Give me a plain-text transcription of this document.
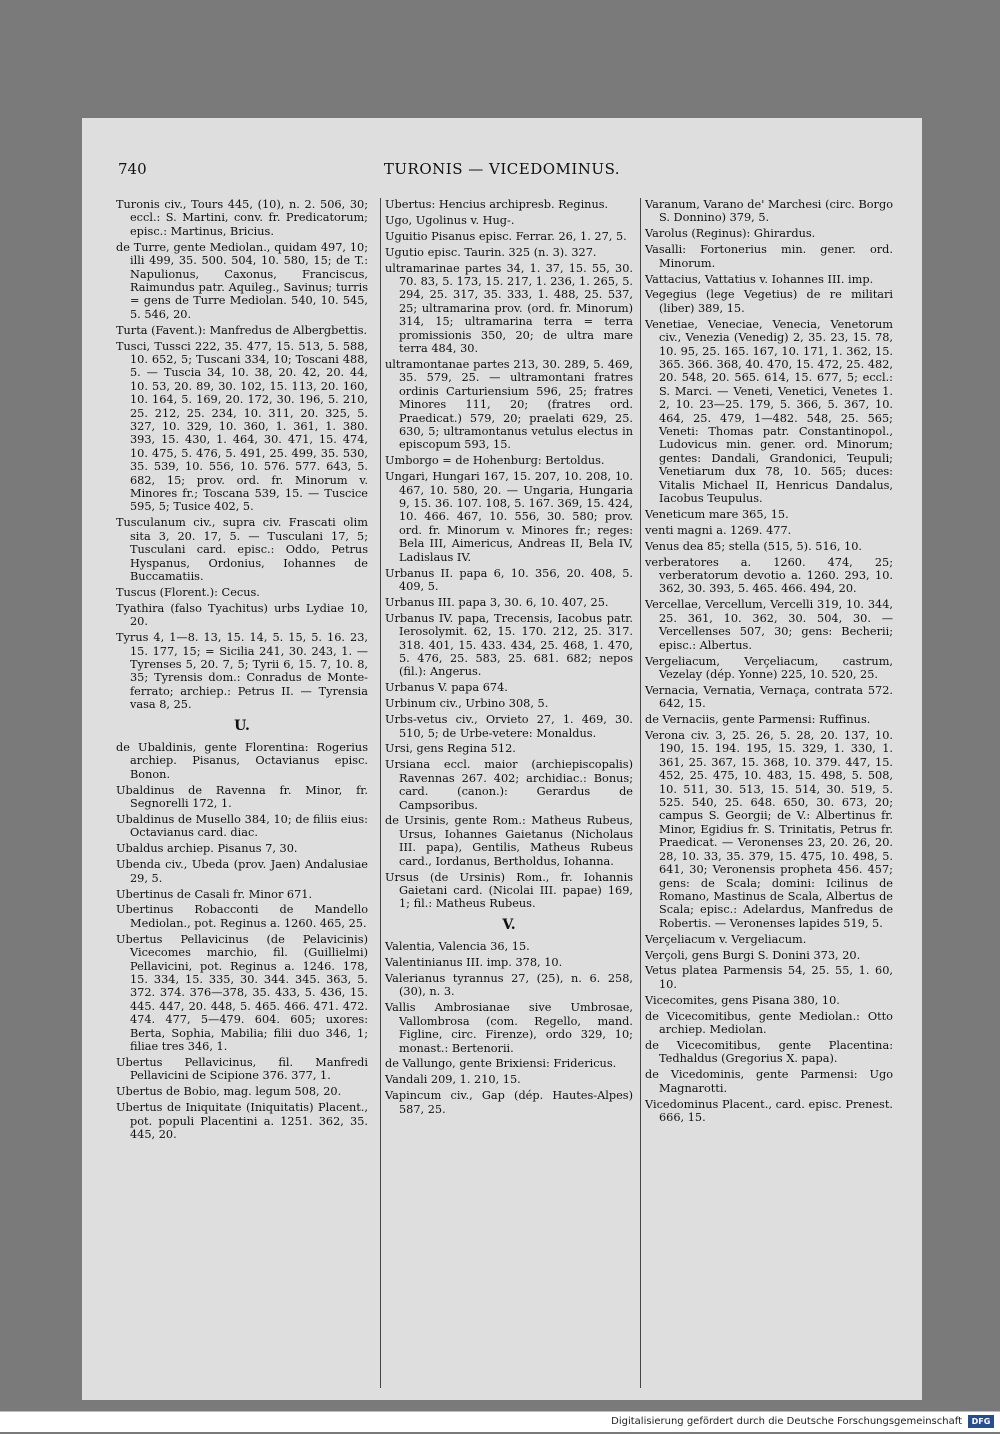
740	TURONIS — VICEDOMINUS.
Turonis civ., Tours 445, (10), n. 2. 506, 30; eccl.: S. Martini, conv. fr. Predicatorum; episc.: Martinus, Bricius.
de Turre, gente Mediolan., quidam 497, 10; illi 499, 35. 500. 504, 10. 580, 15; de T.: Napulionus, Caxonus, Franciscus, Raimundus patr. Aquileg., Savinus; turris = gens de Turre Mediolan. 540, 10. 545, 5. 546, 20.
Turta (Favent.): Manfredus de Albergbettis.
Tusci, Tussci 222, 35. 477, 15. 513, 5. 588, 10. 652, 5; Tuscani 334, 10; Toscani 488, 5. — Tuscia 34, 10. 38, 20. 42, 20. 44, 10. 53, 20. 89, 30. 102, 15. 113, 20. 160, 10. 164, 5. 169, 20. 172, 30. 196, 5. 210, 25. 212, 25. 234, 10. 311, 20. 325, 5. 327, 10. 329, 10. 360, 1. 361, 1. 380. 393, 15. 430, 1. 464, 30. 471, 15. 474, 10. 475, 5. 476, 5. 491, 25. 499, 35. 530, 35. 539, 10. 556, 10. 576. 577. 643, 5. 682, 15; prov. ord. fr. Minorum v. Minores fr.; Toscana 539, 15. — Tuscice 595, 5; Tusice 402, 5.
Tusculanum civ., supra civ. Frascati olim sita 3, 20. 17, 5. — Tusculani 17, 5; Tusculani card. episc.: Oddo, Petrus Hyspanus, Ordonius, Iohannes de Buccamatiis.
Tuscus (Florent.): Cecus.
Tyathira (falso Tyachitus) urbs Lydiae 10, 20.
Tyrus 4, 1—8. 13, 15. 14, 5. 15, 5. 16. 23, 15. 177, 15; = Sicilia 241, 30. 243, 1. — Tyrenses 5, 20. 7, 5; Tyrii 6, 15. 7, 10. 8, 35; Tyrensis dom.: Conradus de Monte-ferrato; archiep.: Petrus II. — Tyrensia vasa 8, 25.
U.
de Ubaldinis, gente Florentina: Rogerius archiep. Pisanus, Octavianus episc. Bonon.
Ubaldinus de Ravenna fr. Minor, fr. Segnorelli 172, 1.
Ubaldinus de Musello 384, 10; de filiis eius: Octavianus card. diac.
Ubaldus archiep. Pisanus 7, 30.
Ubenda civ., Ubeda (prov. Jaen) Andalusiae 29, 5.
Ubertinus de Casali fr. Minor 671.
Ubertinus Robacconti de Mandello Mediolan., pot. Reginus a. 1260. 465, 25.
Ubertus Pellavicinus (de Pelavicinis) Vicecomes marchio, fil. (Guillielmi) Pellavicini, pot. Reginus a. 1246. 178, 15. 334, 15. 335, 30. 344. 345. 363, 5. 372. 374. 376—378, 35. 433, 5. 436, 15. 445. 447, 20. 448, 5. 465. 466. 471. 472. 474. 477, 5—479. 604. 605; uxores: Berta, Sophia, Mabilia; filii duo 346, 1; filiae tres 346, 1.
Ubertus Pellavicinus, fil. Manfredi Pellavicini de Scipione 376. 377, 1.
Ubertus de Bobio, mag. legum 508, 20.
Ubertus de Iniquitate (Iniquitatis) Placent., pot. populi Placentini a. 1251. 362, 35. 445, 20.
Ubertus: Hencius archipresb. Reginus.
Ugo, Ugolinus v. Hug-.
Uguitio Pisanus episc. Ferrar. 26, 1. 27, 5.
Ugutio episc. Taurin. 325 (n. 3). 327.
ultramarinae partes 34, 1. 37, 15. 55, 30. 70. 83, 5. 173, 15. 217, 1. 236, 1. 265, 5. 294, 25. 317, 35. 333, 1. 488, 25. 537, 25; ultramarina prov. (ord. fr. Minorum) 314, 15; ultramarina terra = terra promissionis 350, 20; de ultra mare terra 484, 30.
ultramontanae partes 213, 30. 289, 5. 469, 35. 579, 25. — ultramontani fratres ordinis Carturiensium 596, 25; fratres Minores 111, 20; (fratres ord. Praedicat.) 579, 20; praelati 629, 25. 630, 5; ultramontanus vetulus electus in episcopum 593, 15.
Umborgo = de Hohenburg: Bertoldus.
Ungari, Hungari 167, 15. 207, 10. 208, 10. 467, 10. 580, 20. — Ungaria, Hungaria 9, 15. 36. 107. 108, 5. 167. 369, 15. 424, 10. 466. 467, 10. 556, 30. 580; prov. ord. fr. Minorum v. Minores fr.; reges: Bela III, Aimericus, Andreas II, Bela IV, Ladislaus IV.
Urbanus II. papa 6, 10. 356, 20. 408, 5. 409, 5.
Urbanus III. papa 3, 30. 6, 10. 407, 25.
Urbanus IV. papa, Trecensis, Iacobus patr. Ierosolymit. 62, 15. 170. 212, 25. 317. 318. 401, 15. 433. 434, 25. 468, 1. 470, 5. 476, 25. 583, 25. 681. 682; nepos (fil.): Angerus.
Urbanus V. papa 674.
Urbinum civ., Urbino 308, 5.
Urbs-vetus civ., Orvieto 27, 1. 469, 30. 510, 5; de Urbe-vetere: Monaldus.
Ursi, gens Regina 512.
Ursiana eccl. maior (archiepiscopalis) Ravennas 267. 402; archidiac.: Bonus; card. (canon.): Gerardus de Campsoribus.
de Ursinis, gente Rom.: Matheus Rubeus, Ursus, Iohannes Gaietanus (Nicholaus III. papa), Gentilis, Matheus Rubeus card., Iordanus, Bertholdus, Iohanna.
Ursus (de Ursinis) Rom., fr. Iohannis Gaietani card. (Nicolai III. papae) 169, 1; fil.: Matheus Rubeus.
V.
Valentia, Valencia 36, 15.
Valentinianus III. imp. 378, 10.
Valerianus tyrannus 27, (25), n. 6. 258, (30), n. 3.
Vallis Ambrosianae sive Umbrosae, Vallombrosa (com. Regello, mand. Figline, circ. Firenze), ordo 329, 10; monast.: Bertenorii.
de Vallungo, gente Brixiensi: Fridericus.
Vandali 209, 1. 210, 15.
Vapincum civ., Gap (dép. Hautes-Alpes) 587, 25.
Varanum, Varano de' Marchesi (circ. Borgo S. Donnino) 379, 5.
Varolus (Reginus): Ghirardus.
Vasalli: Fortonerius min. gener. ord. Minorum.
Vattacius, Vattatius v. Iohannes III. imp.
Vegegius (lege Vegetius) de re militari (liber) 389, 15.
Venetiae, Veneciae, Venecia, Venetorum civ., Venezia (Venedig) 2, 35. 23, 15. 78, 10. 95, 25. 165. 167, 10. 171, 1. 362, 15. 365. 366. 368, 40. 470, 15. 472, 25. 482, 20. 548, 20. 565. 614, 15. 677, 5; eccl.: S. Marci. — Veneti, Venetici, Venetes 1. 2, 10. 23—25. 179, 5. 366, 5. 367, 10. 464, 25. 479, 1—482. 548, 25. 565; Veneti: Thomas patr. Constantinopol., Ludovicus min. gener. ord. Minorum; gentes: Dandali, Grandonici, Teupuli; Venetiarum dux 78, 10. 565; duces: Vitalis Michael II, Henricus Dandalus, Iacobus Teupulus.
Veneticum mare 365, 15.
venti magni a. 1269. 477.
Venus dea 85; stella (515, 5). 516, 10.
verberatores a. 1260. 474, 25; verberatorum devotio a. 1260. 293, 10. 362, 30. 393, 5. 465. 466. 494, 20.
Vercellae, Vercellum, Vercelli 319, 10. 344, 25. 361, 10. 362, 30. 504, 30. — Vercellenses 507, 30; gens: Becherii; episc.: Albertus.
Vergeliacum, Verçeliacum, castrum, Vezelay (dép. Yonne) 225, 10. 520, 25.
Vernacia, Vernatia, Vernaça, contrata 572. 642, 15.
de Vernaciis, gente Parmensi: Ruffinus.
Verona civ. 3, 25. 26, 5. 28, 20. 137, 10. 190, 15. 194. 195, 15. 329, 1. 330, 1. 361, 25. 367, 15. 368, 10. 379. 447, 15. 452, 25. 475, 10. 483, 15. 498, 5. 508, 10. 511, 30. 513, 15. 514, 30. 519, 5. 525. 540, 25. 648. 650, 30. 673, 20; campus S. Georgii; de V.: Albertinus fr. Minor, Egidius fr. S. Trinitatis, Petrus fr. Praedicat. — Veronenses 23, 20. 26, 20. 28, 10. 33, 35. 379, 15. 475, 10. 498, 5. 641, 30; Veronensis propheta 456. 457; gens: de Scala; domini: Icilinus de Romano, Mastinus de Scala, Albertus de Scala; episc.: Adelardus, Manfredus de Robertis. — Veronenses lapides 519, 5.
Verçeliacum v. Vergeliacum.
Verçoli, gens Burgi S. Donini 373, 20.
Vetus platea Parmensis 54, 25. 55, 1. 60, 10.
Vicecomites, gens Pisana 380, 10.
de Vicecomitibus, gente Mediolan.: Otto archiep. Mediolan.
de Vicecomitibus, gente Placentina: Tedhaldus (Gregorius X. papa).
de Vicedominis, gente Parmensi: Ugo Magnarotti.
Vicedominus Placent., card. episc. Prenest. 666, 15.
Digitalisierung gefördert durch die Deutsche Forschungsgemeinschaft	DFG
